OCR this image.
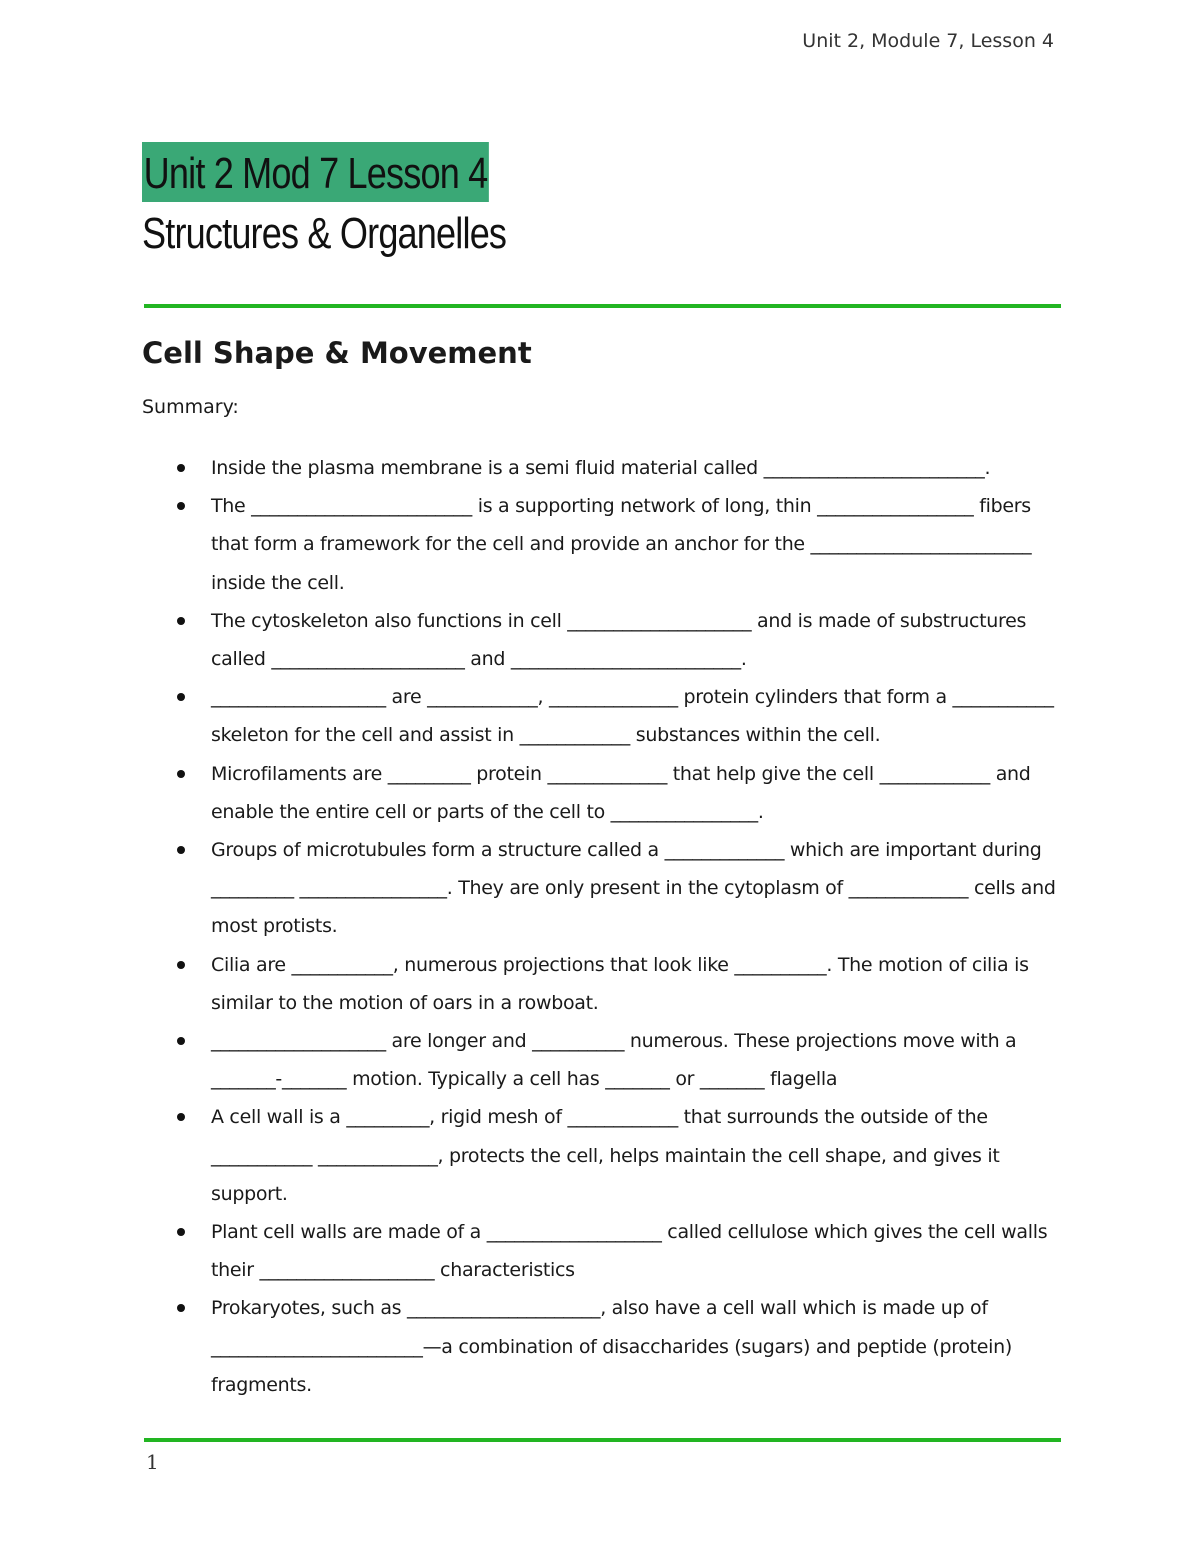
Unit 2, Module 7, Lesson 4
Unit 2 Mod 7 Lesson 4
Structures & Organelles
Cell Shape & Movement
Summary:
Inside the plasma membrane is a semi fluid material called ________________________.
The ________________________ is a supporting network of long, thin _________________ fibers that form a framework for the cell and provide an anchor for the ________________________ inside the cell.
The cytoskeleton also functions in cell ____________________ and is made of substructures called _____________________ and _________________________.
___________________ are ____________, ______________ protein cylinders that form a ___________ skeleton for the cell and assist in ____________ substances within the cell.
Microfilaments are _________ protein _____________ that help give the cell ____________ and enable the entire cell or parts of the cell to ________________.
Groups of microtubules form a structure called a _____________ which are important during _________ ________________. They are only present in the cytoplasm of _____________ cells and most protists.
Cilia are ___________, numerous projections that look like __________. The motion of cilia is similar to the motion of oars in a rowboat.
___________________ are longer and __________ numerous. These projections move with a _______-_______ motion. Typically a cell has _______ or _______ flagella
A cell wall is a _________, rigid mesh of ____________ that surrounds the outside of the ___________ _____________, protects the cell, helps maintain the cell shape, and gives it support.
Plant cell walls are made of a ___________________ called cellulose which gives the cell walls their ___________________ characteristics
Prokaryotes, such as _____________________, also have a cell wall which is made up of _______________________—a combination of disaccharides (sugars) and peptide (protein) fragments.
1
